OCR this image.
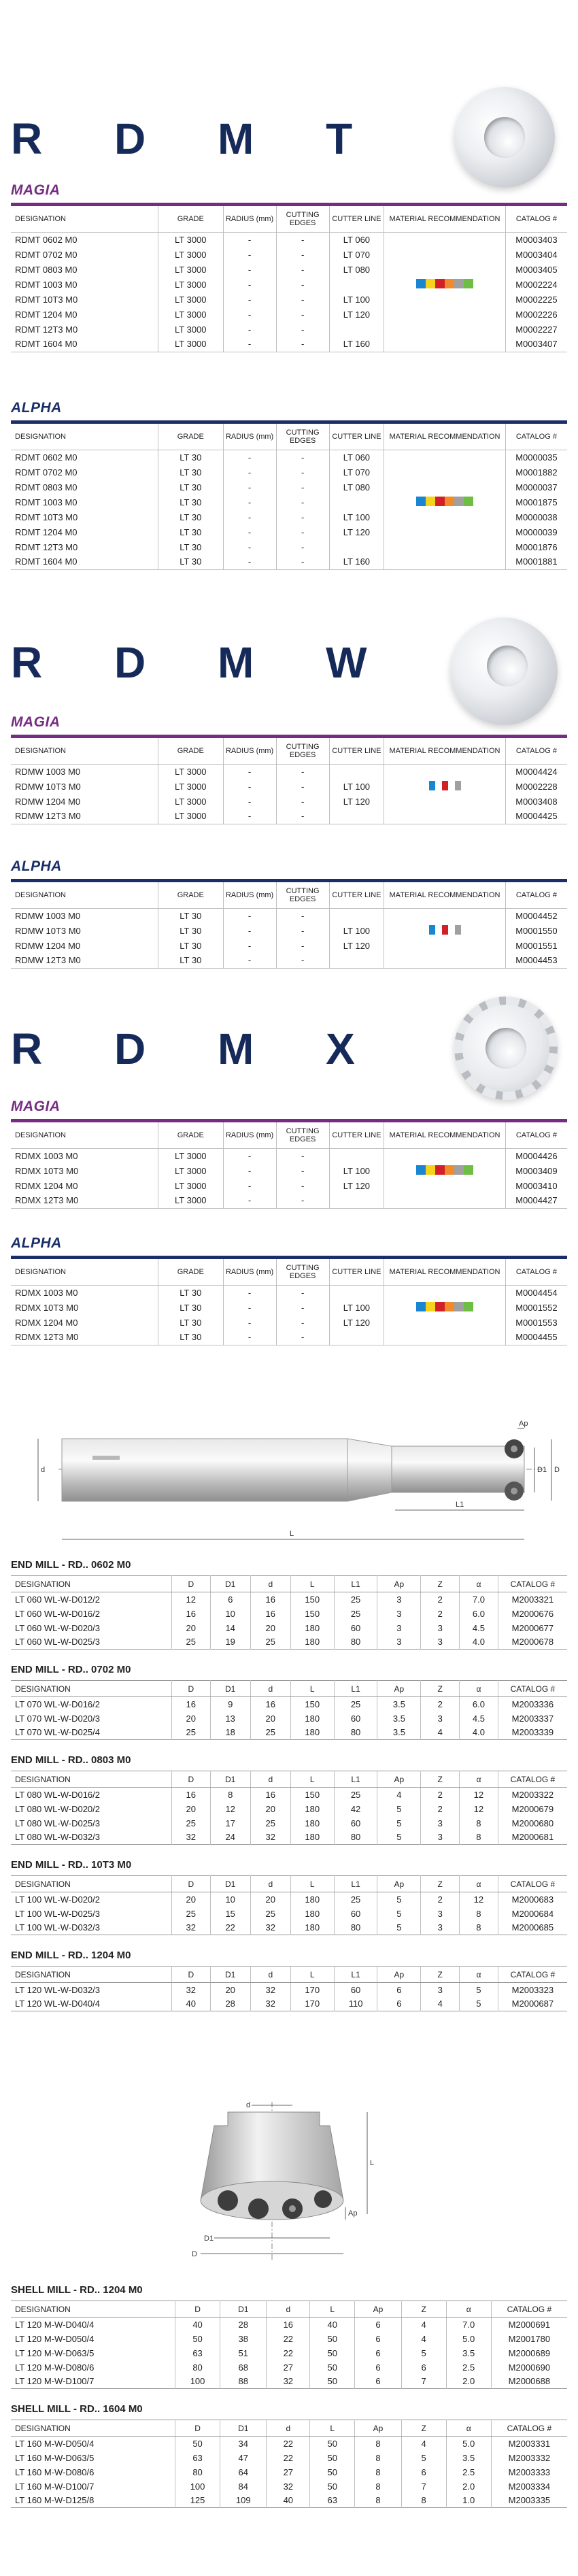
R D M T
MAGIA
DESIGNATION	GRADE	RADIUS (mm)	CUTTING EDGES	CUTTER LINE	MATERIAL RECOMMENDATION	CATALOG #
RDMT 0602 M0	LT 3000	-	-	LT 060		M0003403
RDMT 0702 M0	LT 3000	-	-	LT 070		M0003404
RDMT 0803 M0	LT 3000	-	-	LT 080		M0003405
RDMT 1003 M0	LT 3000	-	-			M0002224
RDMT 10T3 M0	LT 3000	-	-	LT 100		M0002225
RDMT 1204 M0	LT 3000	-	-	LT 120		M0002226
RDMT 12T3 M0	LT 3000	-	-			M0002227
RDMT 1604 M0	LT 3000	-	-	LT 160		M0003407
ALPHA
DESIGNATION	GRADE	RADIUS (mm)	CUTTING EDGES	CUTTER LINE	MATERIAL RECOMMENDATION	CATALOG #
RDMT 0602 M0	LT 30	-	-	LT 060		M0000035
RDMT 0702 M0	LT 30	-	-	LT 070		M0001882
RDMT 0803 M0	LT 30	-	-	LT 080		M0000037
RDMT 1003 M0	LT 30	-	-			M0001875
RDMT 10T3 M0	LT 30	-	-	LT 100		M0000038
RDMT 1204 M0	LT 30	-	-	LT 120		M0000039
RDMT 12T3 M0	LT 30	-	-			M0001876
RDMT 1604 M0	LT 30	-	-	LT 160		M0001881
R D M W
MAGIA
DESIGNATION	GRADE	RADIUS (mm)	CUTTING EDGES	CUTTER LINE	MATERIAL RECOMMENDATION	CATALOG #
RDMW 1003 M0	LT 3000	-	-			M0004424
RDMW 10T3 M0	LT 3000	-	-	LT 100		M0002228
RDMW 1204 M0	LT 3000	-	-	LT 120		M0003408
RDMW 12T3 M0	LT 3000	-	-			M0004425
ALPHA
DESIGNATION	GRADE	RADIUS (mm)	CUTTING EDGES	CUTTER LINE	MATERIAL RECOMMENDATION	CATALOG #
RDMW 1003 M0	LT 30	-	-			M0004452
RDMW 10T3 M0	LT 30	-	-	LT 100		M0001550
RDMW 1204 M0	LT 30	-	-	LT 120		M0001551
RDMW 12T3 M0	LT 30	-	-			M0004453
R D M X
MAGIA
DESIGNATION	GRADE	RADIUS (mm)	CUTTING EDGES	CUTTER LINE	MATERIAL RECOMMENDATION	CATALOG #
RDMX 1003 M0	LT 3000	-	-			M0004426
RDMX 10T3 M0	LT 3000	-	-	LT 100		M0003409
RDMX 1204 M0	LT 3000	-	-	LT 120		M0003410
RDMX 12T3 M0	LT 3000	-	-			M0004427
ALPHA
DESIGNATION	GRADE	RADIUS (mm)	CUTTING EDGES	CUTTER LINE	MATERIAL RECOMMENDATION	CATALOG #
RDMX 1003 M0	LT 30	-	-			M0004454
RDMX 10T3 M0	LT 30	-	-	LT 100		M0001552
RDMX 1204 M0	LT 30	-	-	LT 120		M0001553
RDMX 12T3 M0	LT 30	-	-			M0004455
d	D1 D
L1
L
Ap
END MILL - RD.. 0602 M0
DESIGNATION	D	D1	d	L	L1	Ap	Z	α	CATALOG #
LT 060 WL-W-D012/2	12	6	16	150	25	3	2	7.0	M2003321
LT 060 WL-W-D016/2	16	10	16	150	25	3	2	6.0	M2000676
LT 060 WL-W-D020/3	20	14	20	180	60	3	3	4.5	M2000677
LT 060 WL-W-D025/3	25	19	25	180	80	3	3	4.0	M2000678
END MILL - RD.. 0702 M0
DESIGNATION	D	D1	d	L	L1	Ap	Z	α	CATALOG #
LT 070 WL-W-D016/2	16	9	16	150	25	3.5	2	6.0	M2003336
LT 070 WL-W-D020/3	20	13	20	180	60	3.5	3	4.5	M2003337
LT 070 WL-W-D025/4	25	18	25	180	80	3.5	4	4.0	M2003339
END MILL - RD.. 0803 M0
DESIGNATION	D	D1	d	L	L1	Ap	Z	α	CATALOG #
LT 080 WL-W-D016/2	16	8	16	150	25	4	2	12	M2003322
LT 080 WL-W-D020/2	20	12	20	180	42	5	2	12	M2000679
LT 080 WL-W-D025/3	25	17	25	180	60	5	3	8	M2000680
LT 080 WL-W-D032/3	32	24	32	180	80	5	3	8	M2000681
END MILL - RD.. 10T3 M0
DESIGNATION	D	D1	d	L	L1	Ap	Z	α	CATALOG #
LT 100 WL-W-D020/2	20	10	20	180	25	5	2	12	M2000683
LT 100 WL-W-D025/3	25	15	25	180	60	5	3	8	M2000684
LT 100 WL-W-D032/3	32	22	32	180	80	5	3	8	M2000685
END MILL - RD.. 1204 M0
DESIGNATION	D	D1	d	L	L1	Ap	Z	α	CATALOG #
LT 120 WL-W-D032/3	32	20	32	170	60	6	3	5	M2003323
LT 120 WL-W-D040/4	40	28	32	170	110	6	4	5	M2000687
d
L
D1
D
Ap
SHELL MILL - RD.. 1204 M0
DESIGNATION	D	D1	d	L	Ap	Z	α	CATALOG #
LT 120 M-W-D040/4	40	28	16	40	6	4	7.0	M2000691
LT 120 M-W-D050/4	50	38	22	50	6	4	5.0	M2001780
LT 120 M-W-D063/5	63	51	22	50	6	5	3.5	M2000689
LT 120 M-W-D080/6	80	68	27	50	6	6	2.5	M2000690
LT 120 M-W-D100/7	100	88	32	50	6	7	2.0	M2000688
SHELL MILL - RD.. 1604 M0
DESIGNATION	D	D1	d	L	Ap	Z	α	CATALOG #
LT 160 M-W-D050/4	50	34	22	50	8	4	5.0	M2003331
LT 160 M-W-D063/5	63	47	22	50	8	5	3.5	M2003332
LT 160 M-W-D080/6	80	64	27	50	8	6	2.5	M2003333
LT 160 M-W-D100/7	100	84	32	50	8	7	2.0	M2003334
LT 160 M-W-D125/8	125	109	40	63	8	8	1.0	M2003335
